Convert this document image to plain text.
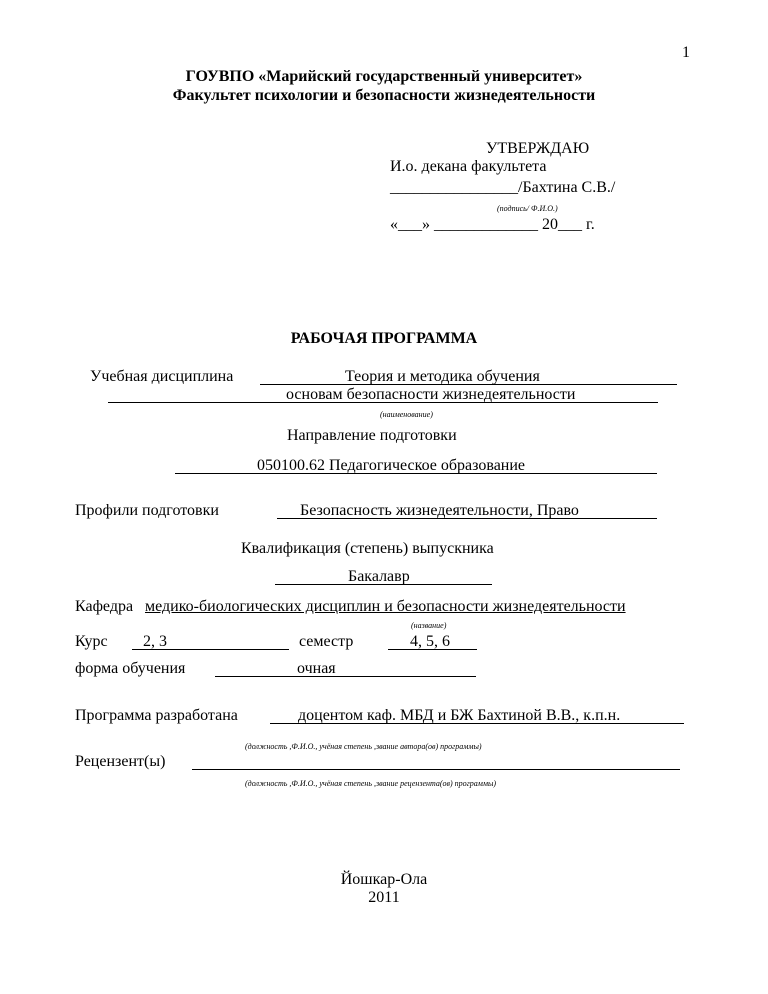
1
ГОУВПО «Марийский государственный университет»
Факультет психологии и безопасности жизнедеятельности
УТВЕРЖДАЮ
И.о. декана факультета
________________/Бахтина С.В./
(подпись/ Ф.И.О.)
«___» _____________ 20___ г.
РАБОЧАЯ ПРОГРАММА
Учебная дисциплина	Теория и методика обучения
основам безопасности жизнедеятельности
(наименование)
Направление подготовки
050100.62 Педагогическое образование
Профили подготовки	Безопасность жизнедеятельности, Право
Квалификация (степень) выпускника
Бакалавр
Кафедра медико-биологических дисциплин и безопасности жизнедеятельности
(название)
Курс 2, 3	семестр	4, 5, 6
форма обучения	очная
Программа разработана	доцентом каф. МБД и БЖ Бахтиной В.В., к.п.н.
(должность ,Ф.И.О., учёная степень ,звание автора(ов) программы)
Рецензент(ы)
(должность ,Ф.И.О., учёная степень ,звание рецензента(ов) программы)
Йошкар-Ола
2011
